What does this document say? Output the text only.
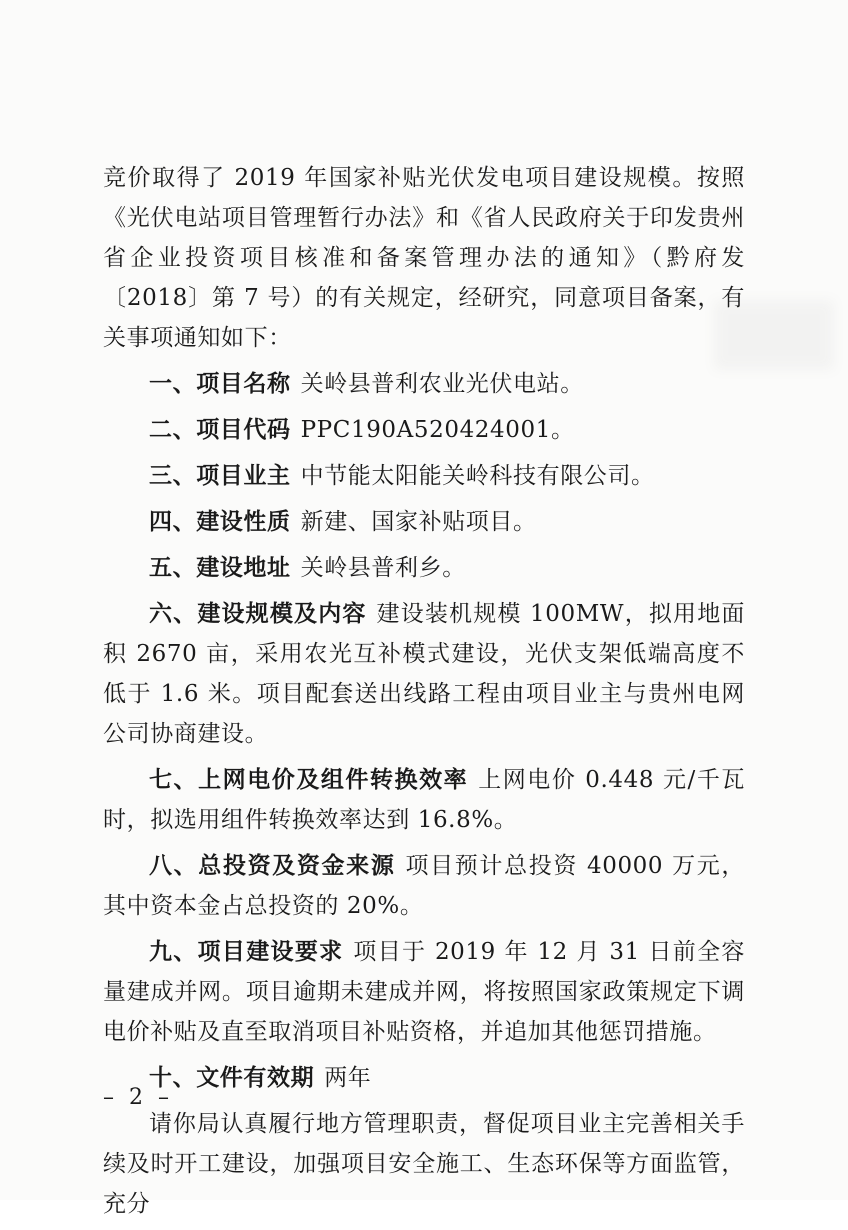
竞价取得了 2019 年国家补贴光伏发电项目建设规模。按照《光伏电站项目管理暂行办法》和《省人民政府关于印发贵州省企业投资项目核准和备案管理办法的通知》（黔府发〔2018〕第 7 号）的有关规定，经研究，同意项目备案，有关事项通知如下：

一、项目名称 关岭县普利农业光伏电站。

二、项目代码 PPC190A520424001。

三、项目业主 中节能太阳能关岭科技有限公司。

四、建设性质 新建、国家补贴项目。

五、建设地址 关岭县普利乡。

六、建设规模及内容 建设装机规模 100MW，拟用地面积 2670 亩，采用农光互补模式建设，光伏支架低端高度不低于 1.6 米。项目配套送出线路工程由项目业主与贵州电网公司协商建设。

七、上网电价及组件转换效率 上网电价 0.448 元/千瓦时，拟选用组件转换效率达到 16.8%。

八、总投资及资金来源 项目预计总投资 40000 万元，其中资本金占总投资的 20%。

九、项目建设要求 项目于 2019 年 12 月 31 日前全容量建成并网。项目逾期未建成并网，将按照国家政策规定下调电价补贴及直至取消项目补贴资格，并追加其他惩罚措施。

十、文件有效期 两年

请你局认真履行地方管理职责，督促项目业主完善相关手续及时开工建设，加强项目安全施工、生态环保等方面监管，充分

– 2 –
